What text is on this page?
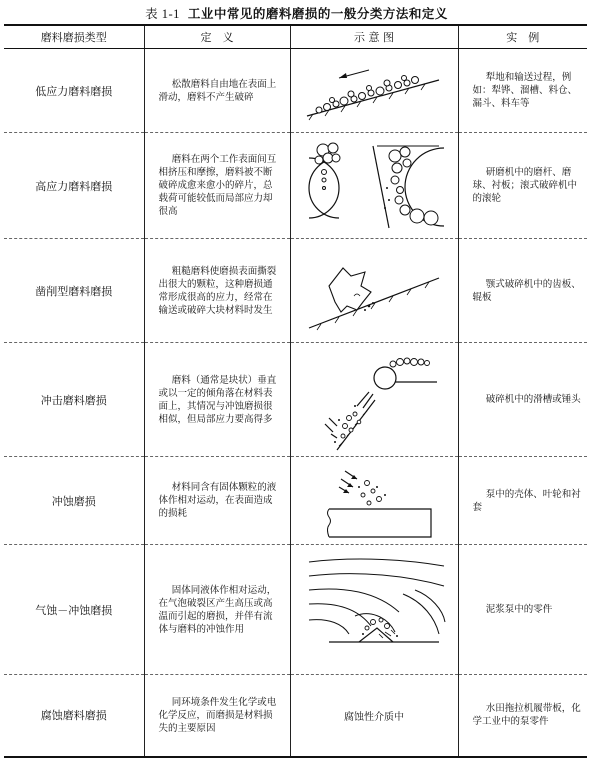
表 1-1 工业中常见的磨料磨损的一般分类方法和定义
磨料磨损类型	定　义	示 意 图	实　例
低应力磨料磨损	松散磨料自由地在表面上滑动，磨料不产生破碎		犁地和输送过程，例如：犁铧、溜槽、料仓、漏斗、料车等
高应力磨料磨损	磨料在两个工作表面间互相挤压和摩擦，磨料被不断破碎成愈来愈小的碎片，总载荷可能较低而局部应力却很高		研磨机中的磨杆、磨球、衬板；滚式破碎机中的滚轮
凿削型磨料磨损	粗糙磨料使磨损表面撕裂出很大的颗粒，这种磨损通常形成很高的应力，经常在输送或破碎大块材料时发生		颚式破碎机中的齿板、辊板
冲击磨料磨损	磨料（通常是块状）垂直或以一定的倾角落在材料表面上，其情况与冲蚀磨损很相似，但局部应力要高得多		破碎机中的滑槽或锤头
冲蚀磨损	材料同含有固体颗粒的液体作相对运动，在表面造成的损耗		泵中的壳体、叶轮和衬套
气蚀－冲蚀磨损	固体同液体作相对运动，在气泡破裂区产生高压或高温而引起的磨损，并伴有流体与磨料的冲蚀作用		泥浆泵中的零件
腐蚀磨料磨损	同环境条件发生化学或电化学反应，而磨损是材料损失的主要原因	腐蚀性介质中	水田拖拉机履带板，化学工业中的泵零件
